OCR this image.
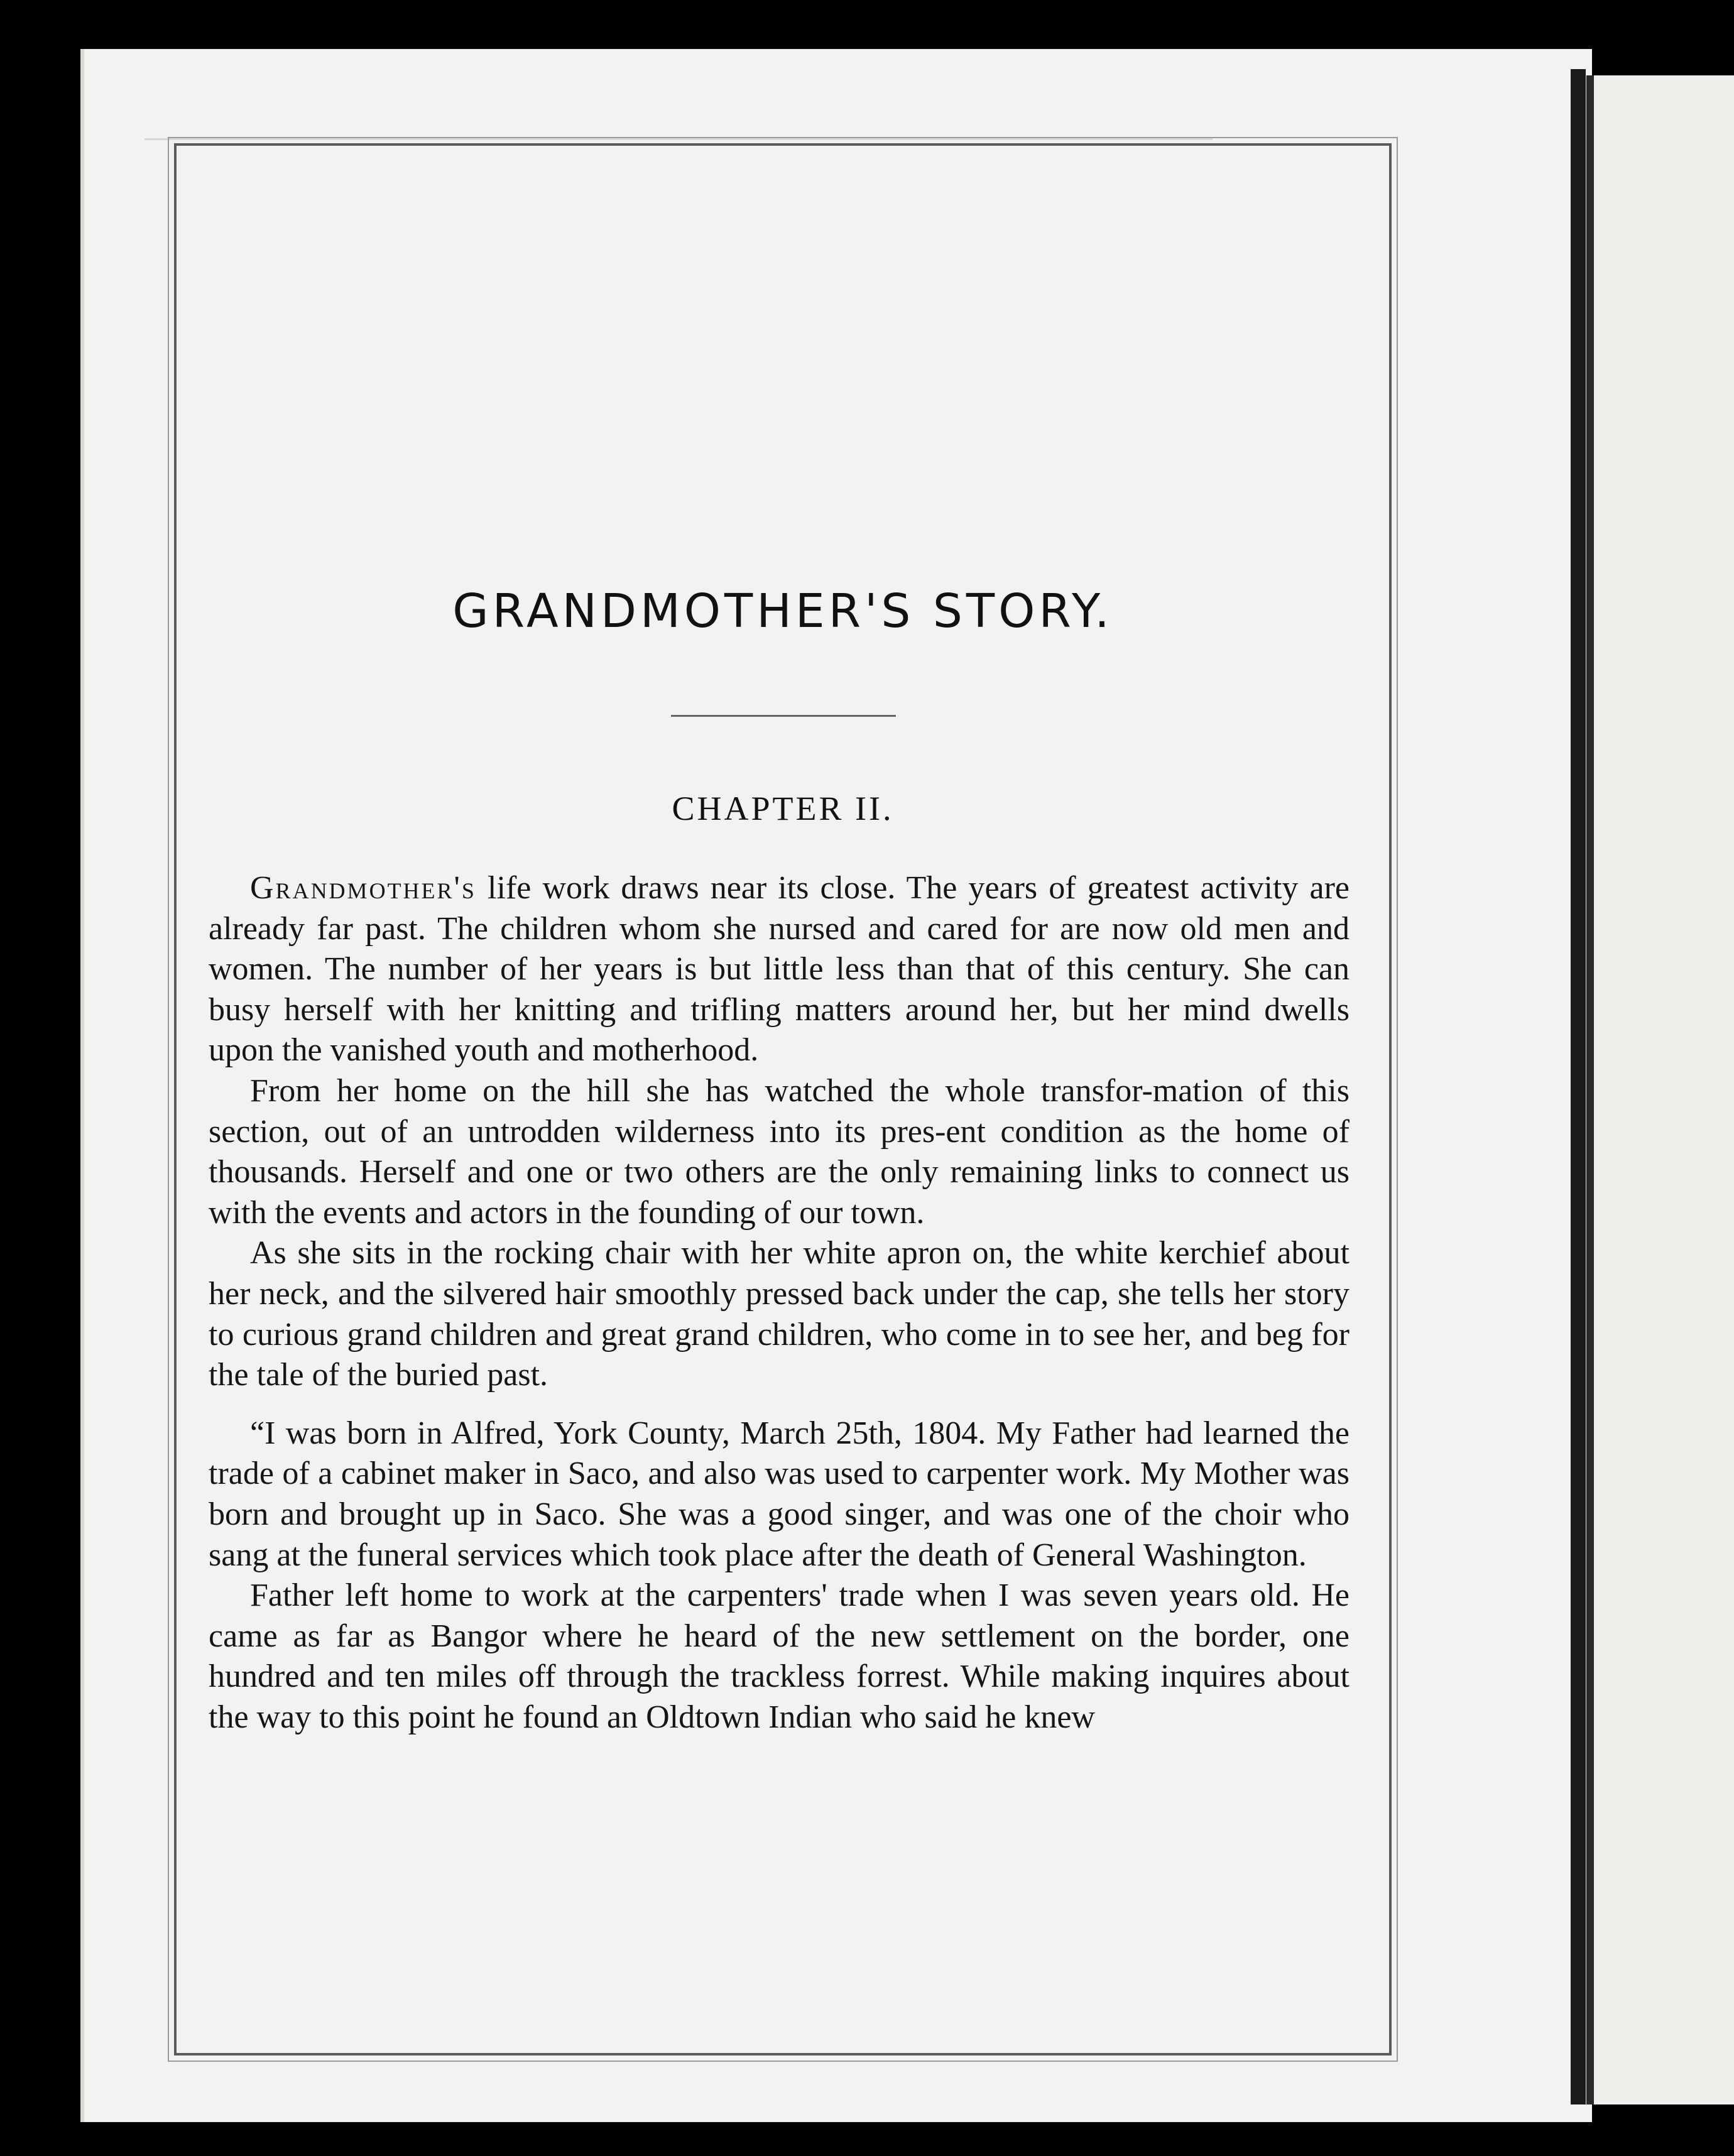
GRANDMOTHER'S STORY.
CHAPTER II.

Grandmother's life work draws near its close. The years of greatest activity are already far past. The children whom she nursed and cared for are now old men and women. The number of her years is but little less than that of this century. She can busy herself with her knitting and trifling matters around her, but her mind dwells upon the vanished youth and motherhood.

From her home on the hill she has watched the whole transfor-mation of this section, out of an untrodden wilderness into its pres-ent condition as the home of thousands. Herself and one or two others are the only remaining links to connect us with the events and actors in the founding of our town.

As she sits in the rocking chair with her white apron on, the white kerchief about her neck, and the silvered hair smoothly pressed back under the cap, she tells her story to curious grand children and great grand children, who come in to see her, and beg for the tale of the buried past.

“I was born in Alfred, York County, March 25th, 1804. My Father had learned the trade of a cabinet maker in Saco, and also was used to carpenter work. My Mother was born and brought up in Saco. She was a good singer, and was one of the choir who sang at the funeral services which took place after the death of General Washington.

Father left home to work at the carpenters' trade when I was seven years old. He came as far as Bangor where he heard of the new settlement on the border, one hundred and ten miles off through the trackless forrest. While making inquires about the way to this point he found an Oldtown Indian who said he knew
